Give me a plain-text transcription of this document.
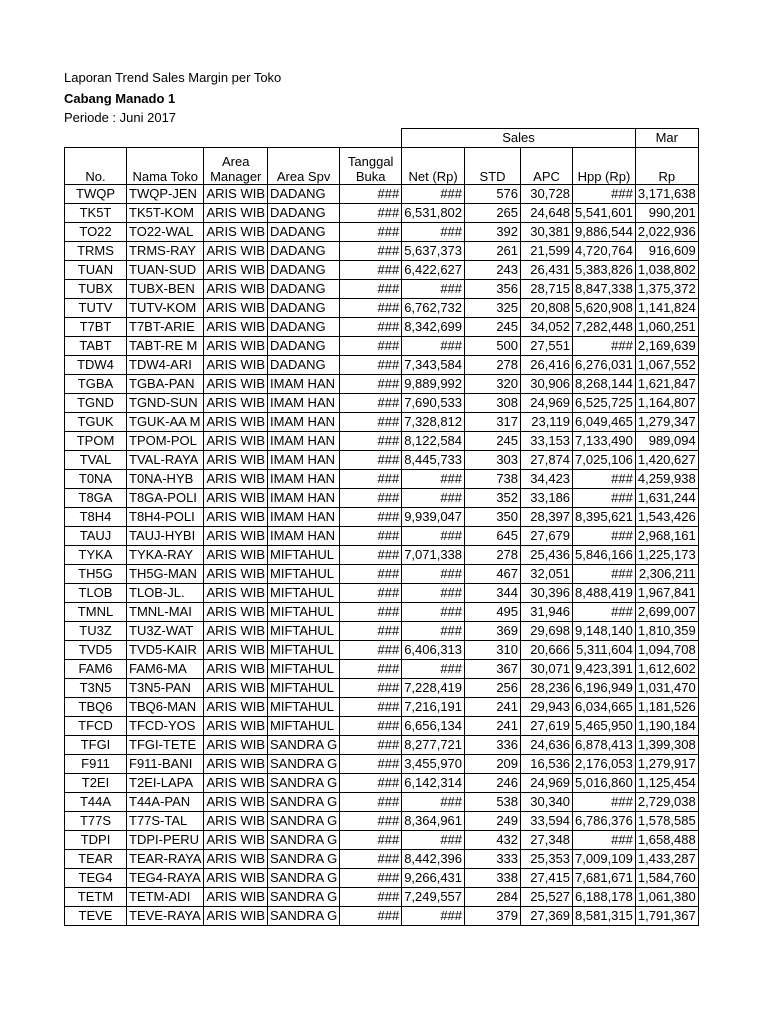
Laporan Trend Sales Margin per Toko
Cabang Manado 1
Periode : Juni 2017
					Sales				Mar
No.	Nama Toko	Area Manager	Area Spv	Tanggal Buka	Net (Rp)	STD	APC	Hpp (Rp)	Rp
TWQP	TWQP-JEN	ARIS WIB	DADANG	###	###	576	30,728	###	3,171,638
TK5T	TK5T-KOM	ARIS WIB	DADANG	###	6,531,802	265	24,648	5,541,601	990,201
TO22	TO22-WAL	ARIS WIB	DADANG	###	###	392	30,381	9,886,544	2,022,936
TRMS	TRMS-RAY	ARIS WIB	DADANG	###	5,637,373	261	21,599	4,720,764	916,609
TUAN	TUAN-SUD	ARIS WIB	DADANG	###	6,422,627	243	26,431	5,383,826	1,038,802
TUBX	TUBX-BEN	ARIS WIB	DADANG	###	###	356	28,715	8,847,338	1,375,372
TUTV	TUTV-KOM	ARIS WIB	DADANG	###	6,762,732	325	20,808	5,620,908	1,141,824
T7BT	T7BT-ARIE	ARIS WIB	DADANG	###	8,342,699	245	34,052	7,282,448	1,060,251
TABT	TABT-RE M	ARIS WIB	DADANG	###	###	500	27,551	###	2,169,639
TDW4	TDW4-ARI	ARIS WIB	DADANG	###	7,343,584	278	26,416	6,276,031	1,067,552
TGBA	TGBA-PAN	ARIS WIB	IMAM HAN	###	9,889,992	320	30,906	8,268,144	1,621,847
TGND	TGND-SUN	ARIS WIB	IMAM HAN	###	7,690,533	308	24,969	6,525,725	1,164,807
TGUK	TGUK-AA M	ARIS WIB	IMAM HAN	###	7,328,812	317	23,119	6,049,465	1,279,347
TPOM	TPOM-POL	ARIS WIB	IMAM HAN	###	8,122,584	245	33,153	7,133,490	989,094
TVAL	TVAL-RAYA	ARIS WIB	IMAM HAN	###	8,445,733	303	27,874	7,025,106	1,420,627
T0NA	T0NA-HYB	ARIS WIB	IMAM HAN	###	###	738	34,423	###	4,259,938
T8GA	T8GA-POLI	ARIS WIB	IMAM HAN	###	###	352	33,186	###	1,631,244
T8H4	T8H4-POLI	ARIS WIB	IMAM HAN	###	9,939,047	350	28,397	8,395,621	1,543,426
TAUJ	TAUJ-HYBI	ARIS WIB	IMAM HAN	###	###	645	27,679	###	2,968,161
TYKA	TYKA-RAY	ARIS WIB	MIFTAHUL	###	7,071,338	278	25,436	5,846,166	1,225,173
TH5G	TH5G-MAN	ARIS WIB	MIFTAHUL	###	###	467	32,051	###	2,306,211
TLOB	TLOB-JL.	ARIS WIB	MIFTAHUL	###	###	344	30,396	8,488,419	1,967,841
TMNL	TMNL-MAI	ARIS WIB	MIFTAHUL	###	###	495	31,946	###	2,699,007
TU3Z	TU3Z-WAT	ARIS WIB	MIFTAHUL	###	###	369	29,698	9,148,140	1,810,359
TVD5	TVD5-KAIR	ARIS WIB	MIFTAHUL	###	6,406,313	310	20,666	5,311,604	1,094,708
FAM6	FAM6-MA	ARIS WIB	MIFTAHUL	###	###	367	30,071	9,423,391	1,612,602
T3N5	T3N5-PAN	ARIS WIB	MIFTAHUL	###	7,228,419	256	28,236	6,196,949	1,031,470
TBQ6	TBQ6-MAN	ARIS WIB	MIFTAHUL	###	7,216,191	241	29,943	6,034,665	1,181,526
TFCD	TFCD-YOS	ARIS WIB	MIFTAHUL	###	6,656,134	241	27,619	5,465,950	1,190,184
TFGI	TFGI-TETE	ARIS WIB	SANDRA G	###	8,277,721	336	24,636	6,878,413	1,399,308
F911	F911-BANI	ARIS WIB	SANDRA G	###	3,455,970	209	16,536	2,176,053	1,279,917
T2EI	T2EI-LAPA	ARIS WIB	SANDRA G	###	6,142,314	246	24,969	5,016,860	1,125,454
T44A	T44A-PAN	ARIS WIB	SANDRA G	###	###	538	30,340	###	2,729,038
T77S	T77S-TAL	ARIS WIB	SANDRA G	###	8,364,961	249	33,594	6,786,376	1,578,585
TDPI	TDPI-PERU	ARIS WIB	SANDRA G	###	###	432	27,348	###	1,658,488
TEAR	TEAR-RAYA	ARIS WIB	SANDRA G	###	8,442,396	333	25,353	7,009,109	1,433,287
TEG4	TEG4-RAYA	ARIS WIB	SANDRA G	###	9,266,431	338	27,415	7,681,671	1,584,760
TETM	TETM-ADI	ARIS WIB	SANDRA G	###	7,249,557	284	25,527	6,188,178	1,061,380
TEVE	TEVE-RAYA	ARIS WIB	SANDRA G	###	###	379	27,369	8,581,315	1,791,367
